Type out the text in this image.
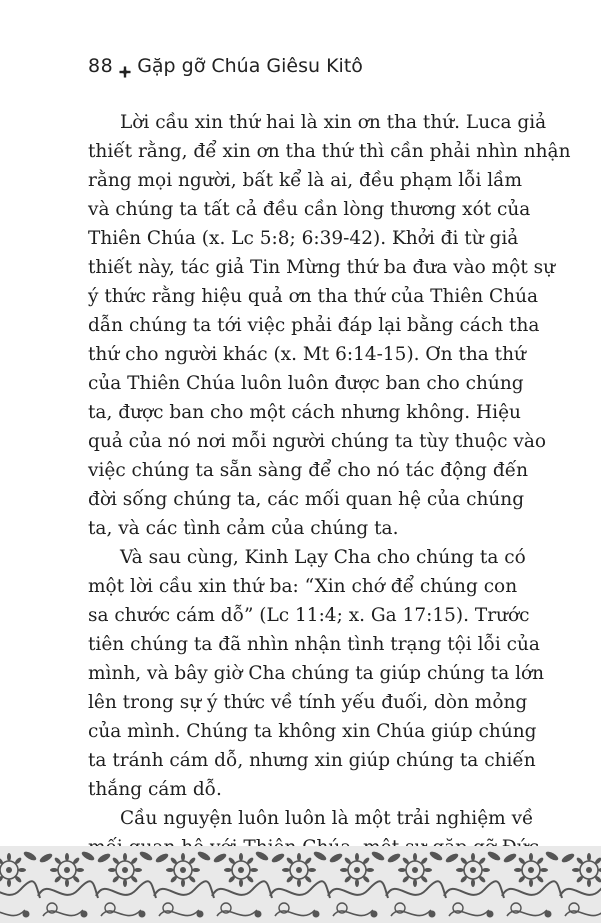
88 Gặp gỡ Chúa Giêsu Kitô
Lời cầu xin thứ hai là xin ơn tha thứ. Luca giả
thiết rằng, để xin ơn tha thứ thì cần phải nhìn nhận
rằng mọi người, bất kể là ai, đều phạm lỗi lầm
và chúng ta tất cả đều cần lòng thương xót của
Thiên Chúa (x. Lc 5:8; 6:39-42). Khởi đi từ giả
thiết này, tác giả Tin Mừng thứ ba đưa vào một sự
ý thức rằng hiệu quả ơn tha thứ của Thiên Chúa
dẫn chúng ta tới việc phải đáp lại bằng cách tha
thứ cho người khác (x. Mt 6:14-15). Ơn tha thứ
của Thiên Chúa luôn luôn được ban cho chúng
ta, được ban cho một cách nhưng không. Hiệu
quả của nó nơi mỗi người chúng ta tùy thuộc vào
việc chúng ta sẵn sàng để cho nó tác động đến
đời sống chúng ta, các mối quan hệ của chúng
ta, và các tình cảm của chúng ta.
Và sau cùng, Kinh Lạy Cha cho chúng ta có
một lời cầu xin thứ ba: “Xin chớ để chúng con
sa chước cám dỗ” (Lc 11:4; x. Ga 17:15). Trước
tiên chúng ta đã nhìn nhận tình trạng tội lỗi của
mình, và bây giờ Cha chúng ta giúp chúng ta lớn
lên trong sự ý thức về tính yếu đuối, dòn mỏng
của mình. Chúng ta không xin Chúa giúp chúng
ta tránh cám dỗ, nhưng xin giúp chúng ta chiến
thắng cám dỗ.
Cầu nguyện luôn luôn là một trải nghiệm về
